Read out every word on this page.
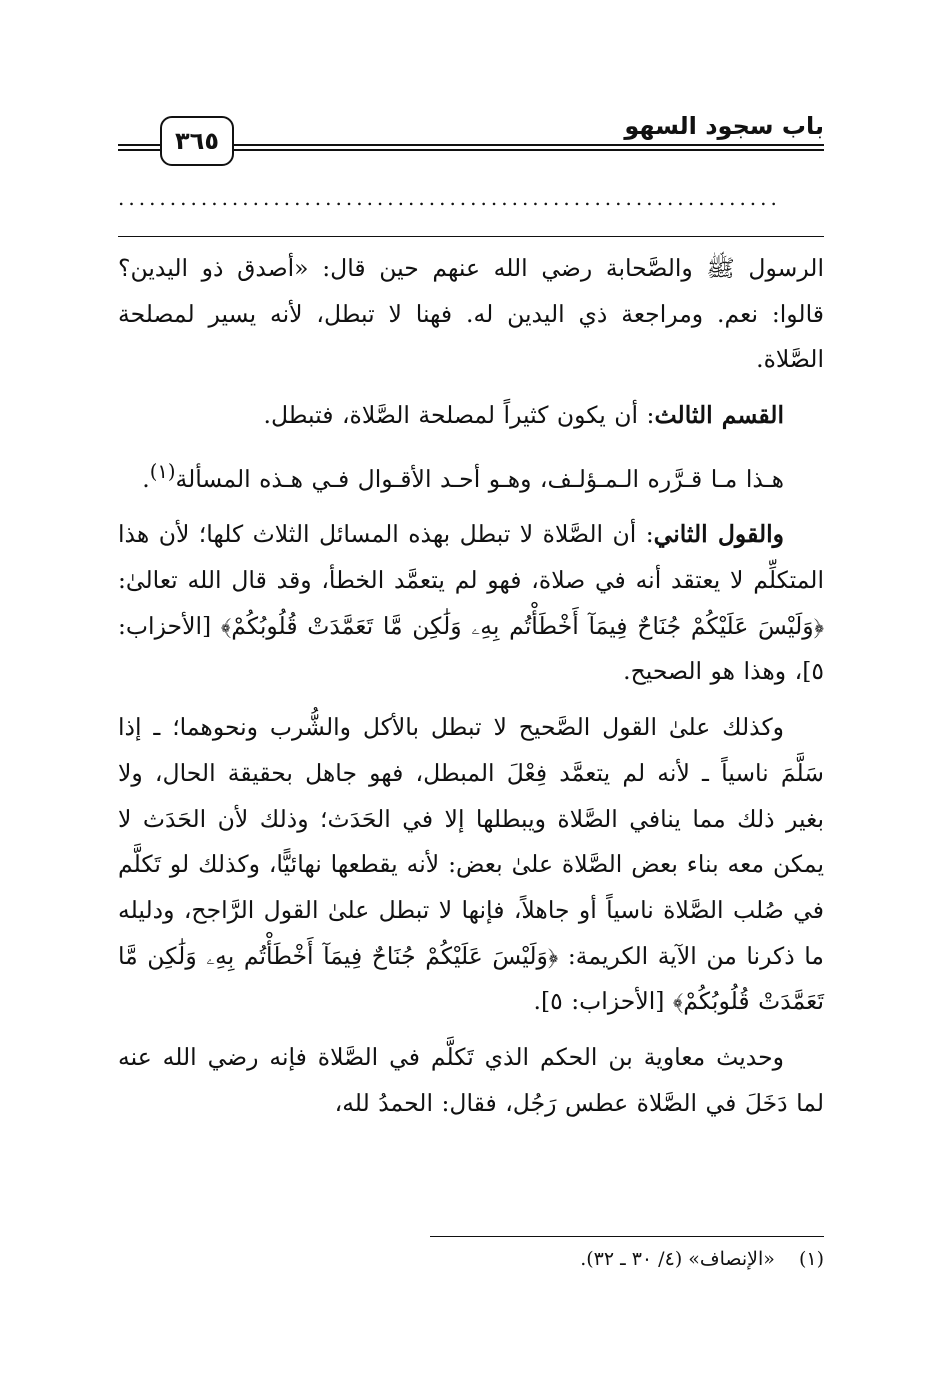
باب سجود السهو
٣٦٥
................................................................

الرسول ﷺ والصَّحابة رضي الله عنهم حين قال: «أصدق ذو اليدين؟ قالوا: نعم. ومراجعة ذي اليدين له. فهنا لا تبطل، لأنه يسير لمصلحة الصَّلاة.

القسم الثالث: أن يكون كثيراً لمصلحة الصَّلاة، فتبطل.

هـذا مـا قـرَّره الـمـؤلـف، وهـو أحـد الأقـوال فـي هـذه المسألة$^{(١)}$.

والقول الثاني: أن الصَّلاة لا تبطل بهذه المسائل الثلاث كلها؛ لأن هذا المتكلِّم لا يعتقد أنه في صلاة، فهو لم يتعمَّد الخطأ، وقد قال الله تعالىٰ: ﴿وَلَيْسَ عَلَيْكُمْ جُنَاحٌ فِيمَآ أَخْطَأْتُم بِهِۦ وَلَٰكِن مَّا تَعَمَّدَتْ قُلُوبُكُمْ﴾ [الأحزاب: ٥]، وهذا هو الصحيح.

وكذلك علىٰ القول الصَّحيح لا تبطل بالأكل والشُّرب ونحوهما؛ ـ إذا سَلَّمَ ناسياً ـ لأنه لم يتعمَّد فِعْلَ المبطل، فهو جاهل بحقيقة الحال، ولا بغير ذلك مما ينافي الصَّلاة ويبطلها إلا في الحَدَث؛ وذلك لأن الحَدَث لا يمكن معه بناء بعض الصَّلاة علىٰ بعض: لأنه يقطعها نهائيًّا، وكذلك لو تَكلَّم في صُلب الصَّلاة ناسياً أو جاهلاً، فإنها لا تبطل علىٰ القول الرَّاجح، ودليله ما ذكرنا من الآية الكريمة: ﴿وَلَيْسَ عَلَيْكُمْ جُنَاحٌ فِيمَآ أَخْطَأْتُم بِهِۦ وَلَٰكِن مَّا تَعَمَّدَتْ قُلُوبُكُمْ﴾ [الأحزاب: ٥].

وحديث معاوية بن الحكم الذي تَكلَّم في الصَّلاة فإنه رضي الله عنه لما دَخَلَ في الصَّلاة عطس رَجُل، فقال: الحمدُ لله،

(١) «الإنصاف» (٤/ ٣٠ ـ ٣٢).
